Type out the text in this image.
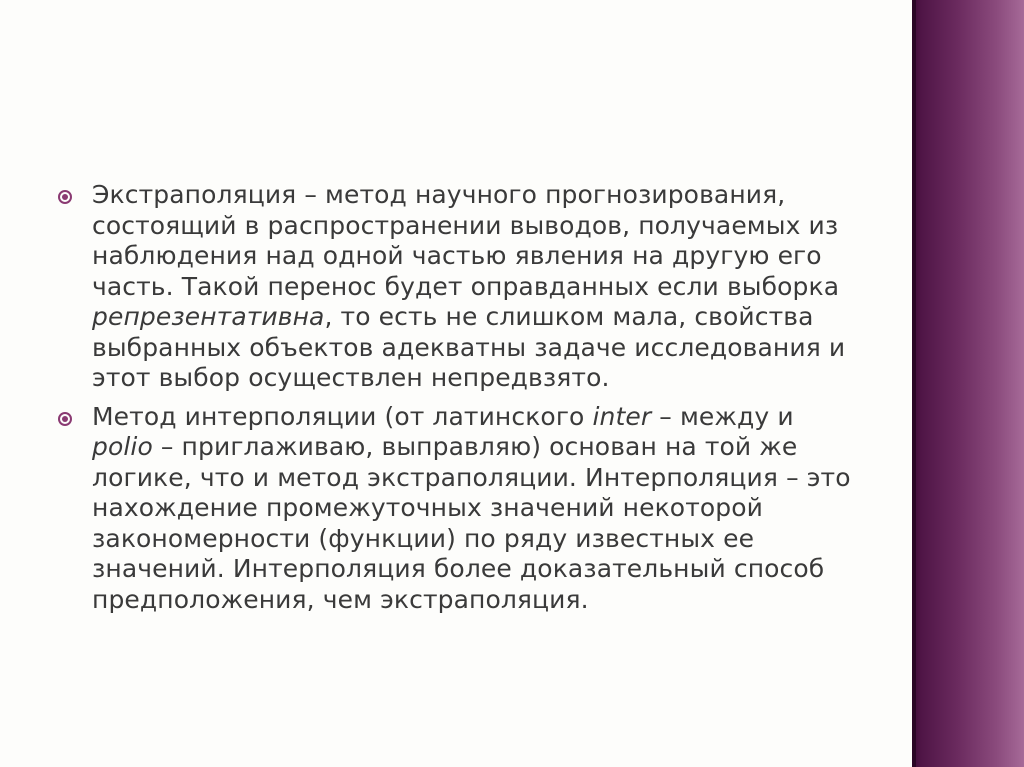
Экстраполяция – метод научного прогнозирования, состоящий в распространении выводов, получаемых из наблюдения над одной частью явления на другую его часть. Такой перенос будет оправданных если выборка репрезентативна, то есть не слишком мала, свойства выбранных объектов адекватны задаче исследования и этот выбор осуществлен непредвзято.
Метод интерполяции (от латинского inter – между и polio – приглаживаю, выправляю) основан на той же логике, что и метод экстраполяции. Интерполяция – это нахождение промежуточных значений некоторой закономерности (функции) по ряду известных ее значений. Интерполяция более доказательный способ предположения, чем экстраполяция.
